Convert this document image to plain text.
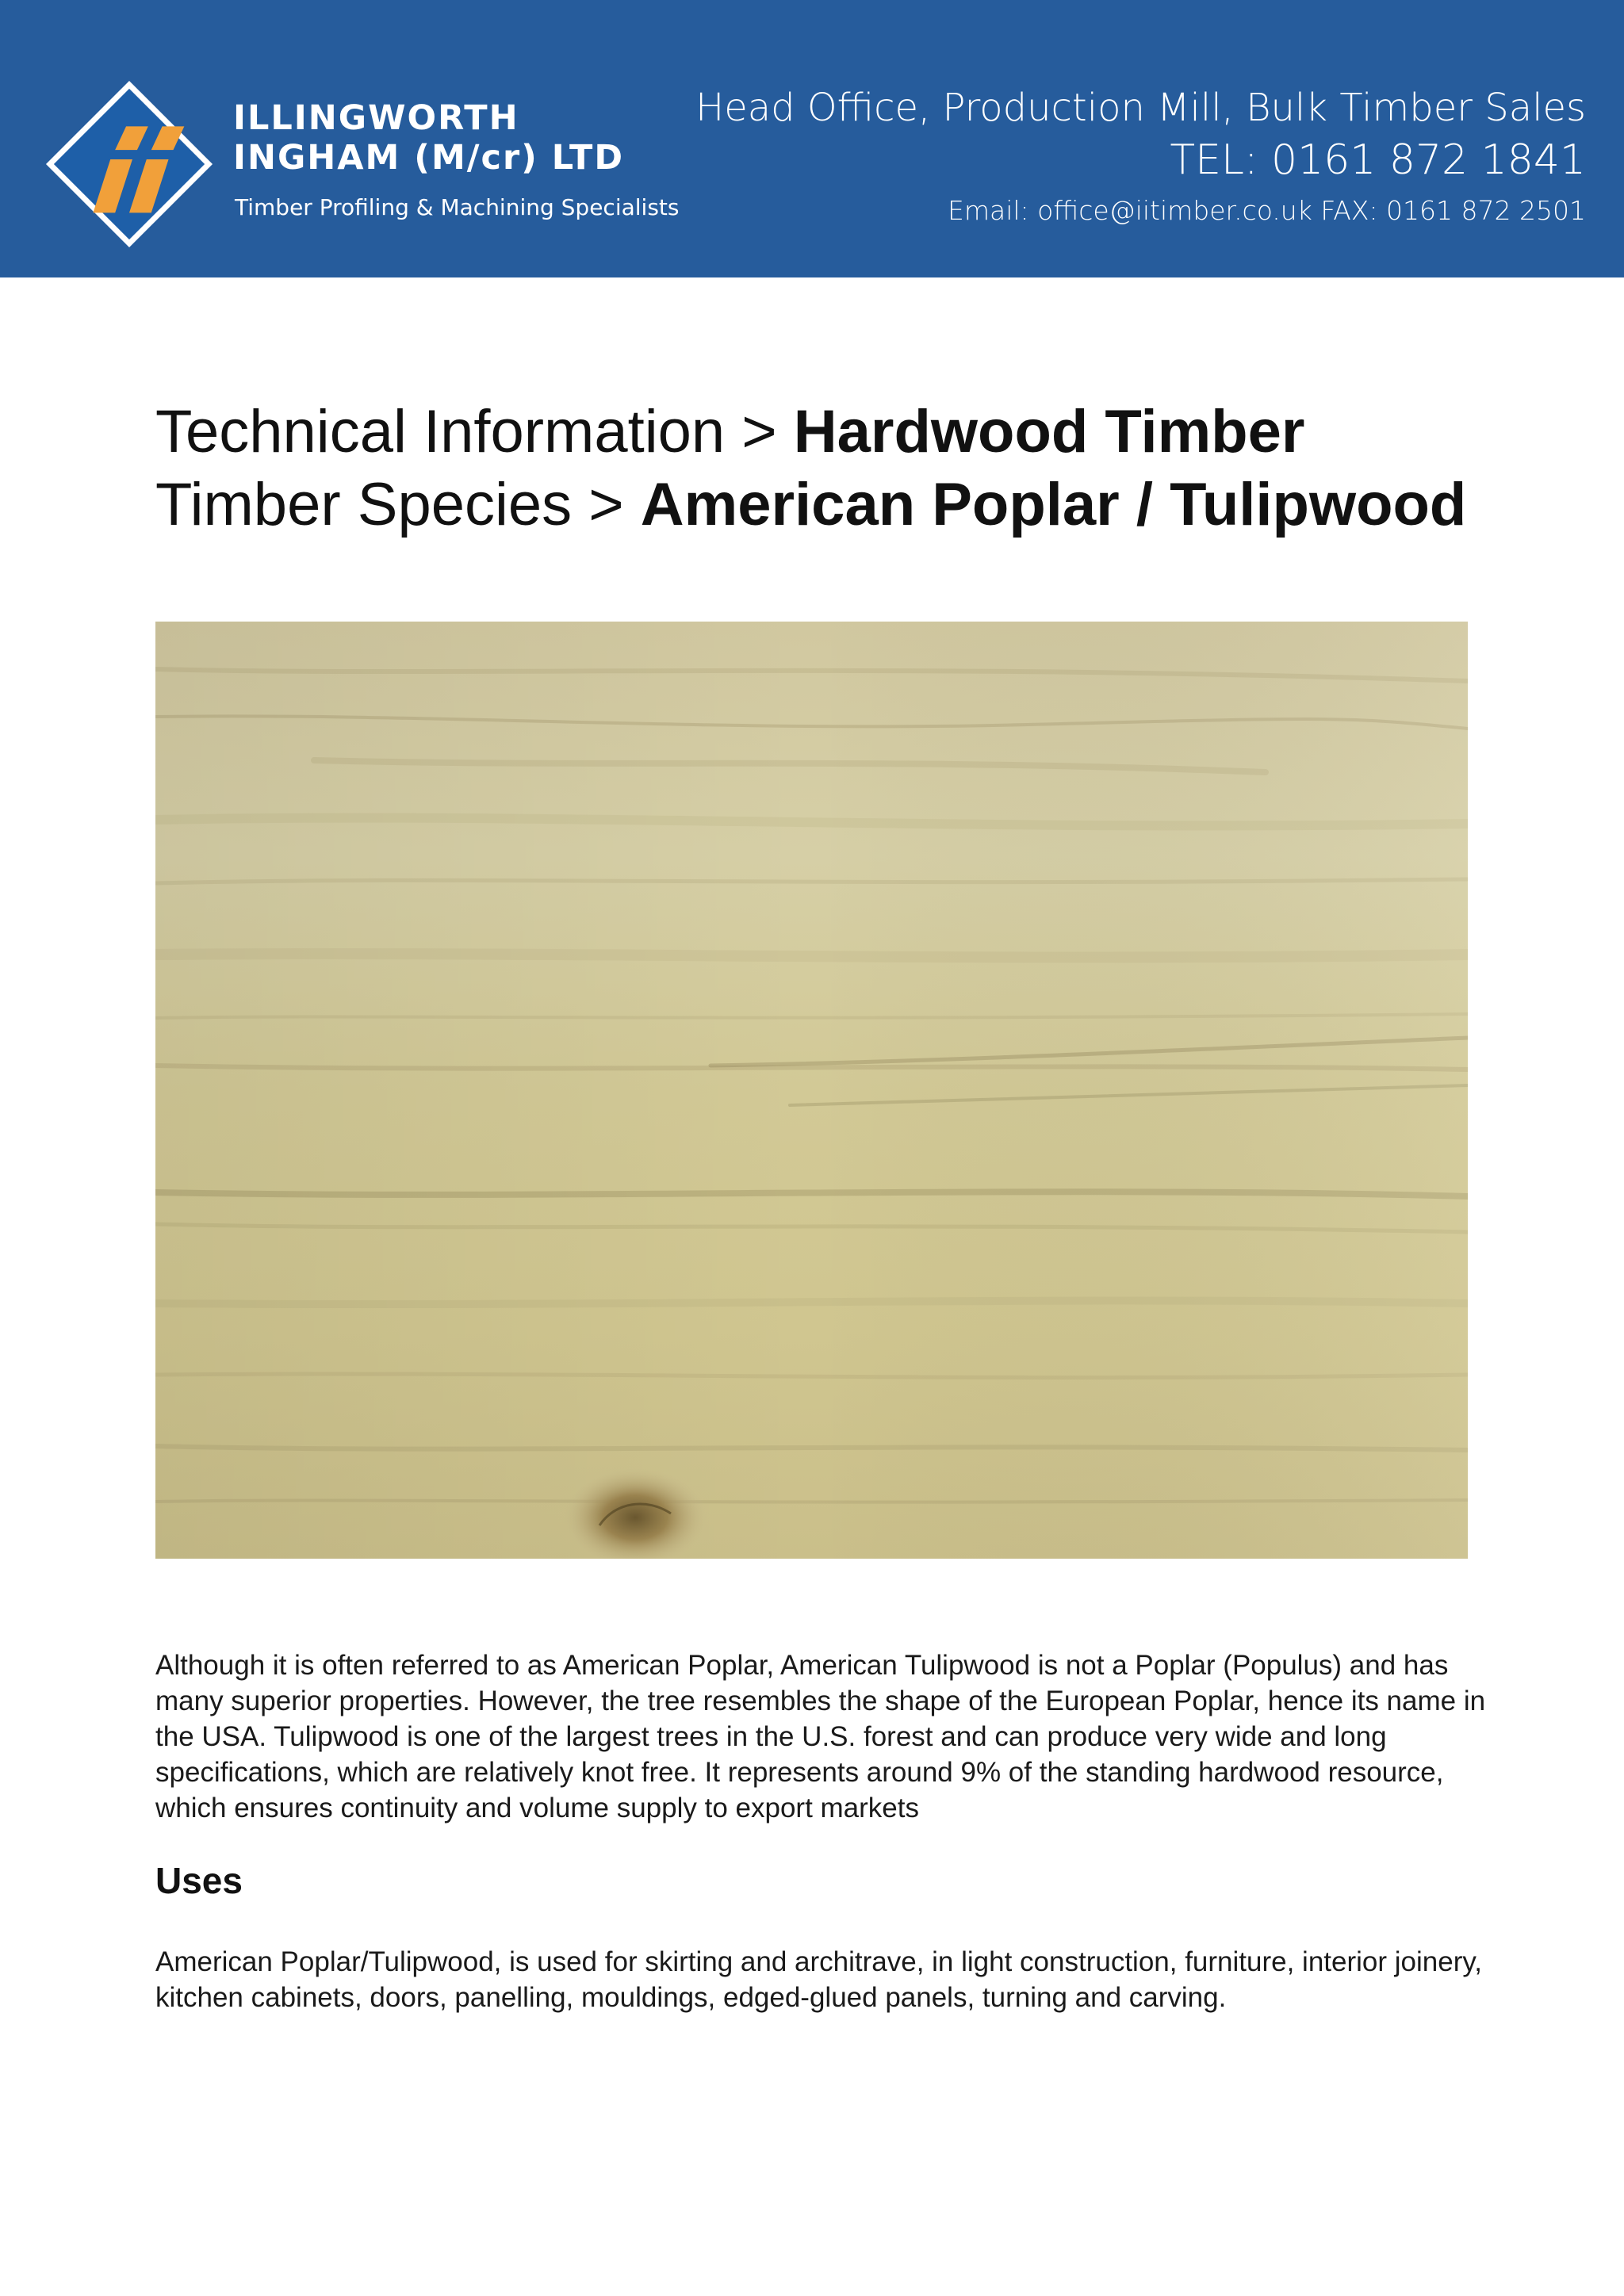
ILLINGWORTH
INGHAM (M/cr) LTD
Timber Profiling & Machining Specialists
Head Office, Production Mill, Bulk Timber Sales
TEL: 0161 872 1841
Email: office@iitimber.co.uk FAX: 0161 872 2501
Technical Information > Hardwood Timber
Timber Species > American Poplar / Tulipwood

Although it is often referred to as American Poplar, American Tulipwood is not a Poplar (Populus) and has many superior properties. However, the tree resembles the shape of the European Poplar, hence its name in the USA. Tulipwood is one of the largest trees in the U.S. forest and can produce very wide and long specifications, which are relatively knot free. It represents around 9% of the standing hardwood resource, which ensures continuity and volume supply to export markets

Uses

American Poplar/Tulipwood, is used for skirting and architrave, in light construction, furniture, interior joinery, kitchen cabinets, doors, panelling, mouldings, edged-glued panels, turning and carving.
